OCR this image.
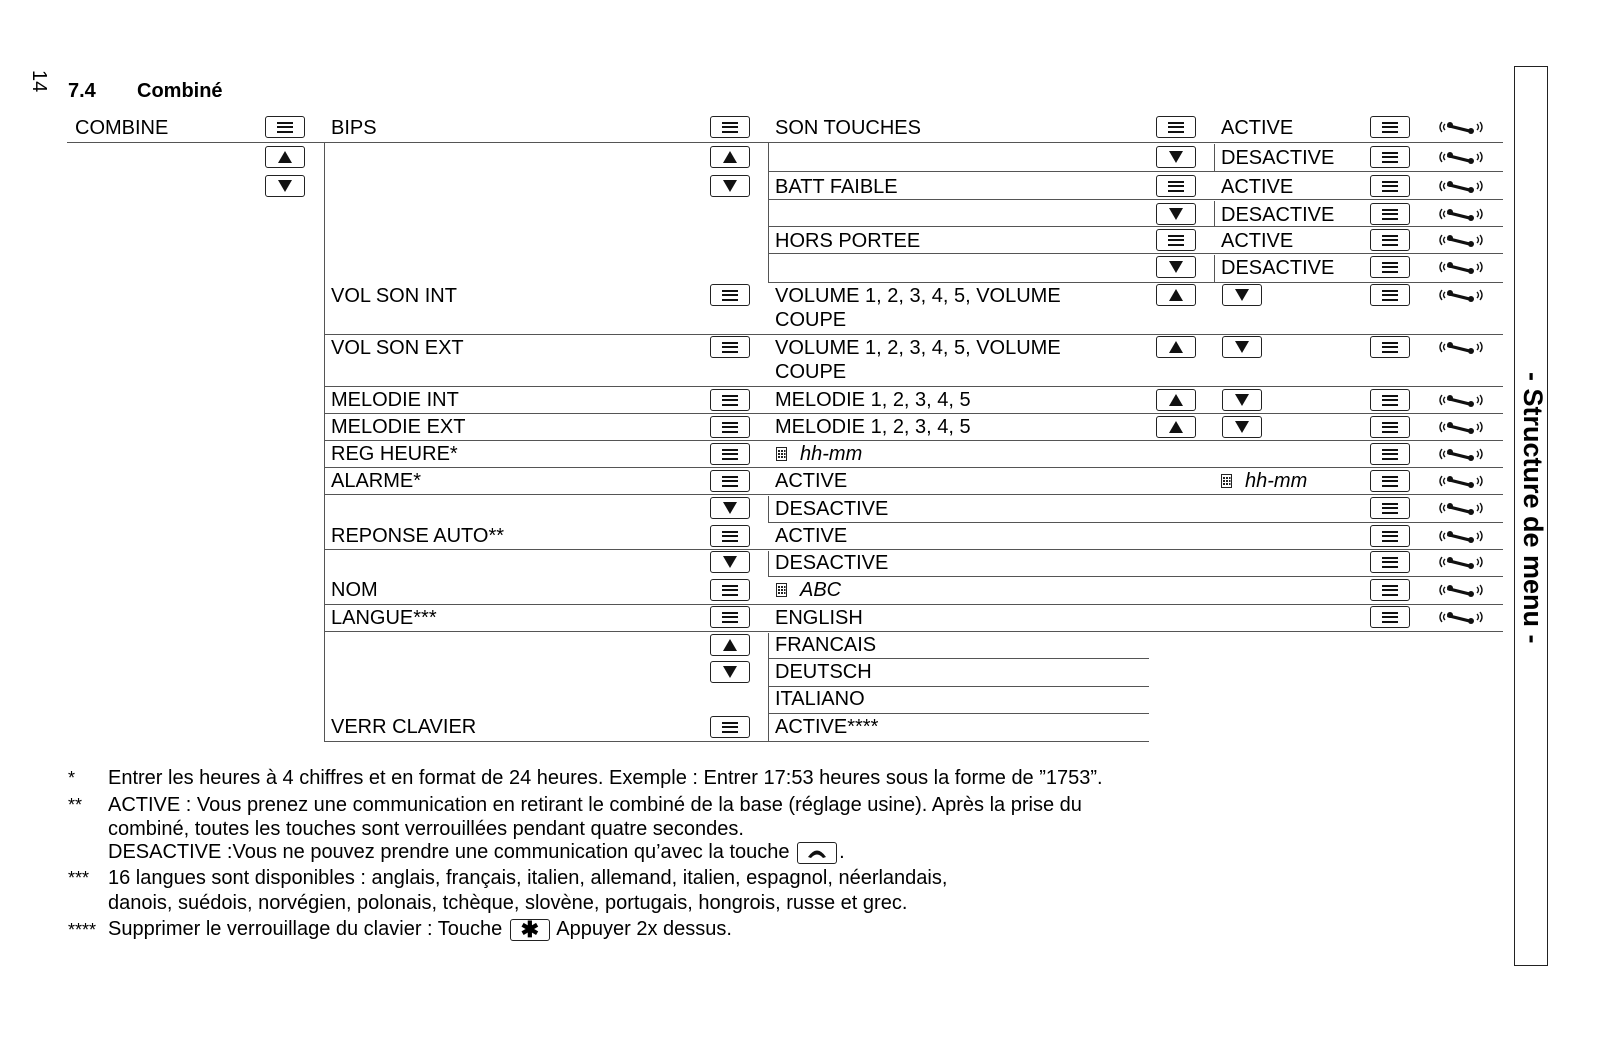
14 7.4 Combiné
- Structure de menu -
COMBINE	BIPS
VOL SON INT
VOL SON EXT
MELODIE INT
MELODIE EXT
REG HEURE*
ALARME*
REPONSE AUTO**
NOM
LANGUE***
VERR CLAVIER
SON TOUCHES
BATT FAIBLE
HORS PORTEE
VOLUME 1, 2, 3, 4, 5, VOLUME COUPE
VOLUME 1, 2, 3, 4, 5, VOLUME COUPE
MELODIE 1, 2, 3, 4, 5
MELODIE 1, 2, 3, 4, 5
hh-mm
ACTIVE
DESACTIVE
ACTIVE
DESACTIVE
ABC
ENGLISH
FRANCAIS
DEUTSCH
ITALIANO
ACTIVE****
ACTIVE
DESACTIVE
ACTIVE
DESACTIVE
ACTIVE
DESACTIVE
hh-mm
* Entrer les heures à 4 chiffres et en format de 24 heures. Exemple : Entrer 17:53 heures sous la forme de ”1753”.
** ACTIVE : Vous prenez une communication en retirant le combiné de la base (réglage usine). Après la prise du
combiné, toutes les touches sont verrouillées pendant quatre secondes.
DESACTIVE :Vous ne pouvez prendre une communication qu’avec la touche .
*** 16 langues sont disponibles : anglais, français, italien, allemand, italien, espagnol, néerlandais,
danois, suédois, norvégien, polonais, tchèque, slovène, portugais, hongrois, russe et grec.
**** Supprimer le verrouillage du clavier : Touche ✱ Appuyer 2x dessus.
